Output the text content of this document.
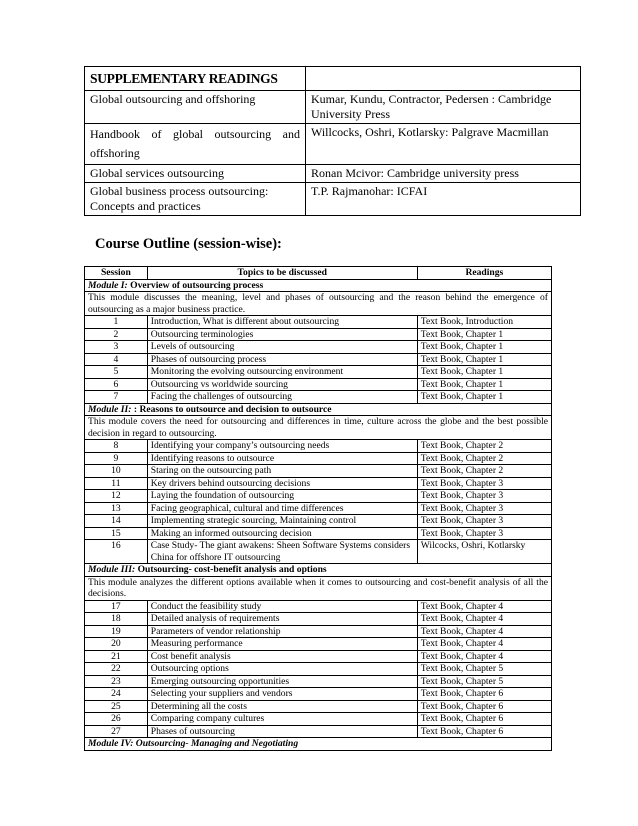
SUPPLEMENTARY READINGS	
Global outsourcing and offshoring	Kumar, Kundu, Contractor, Pedersen : Cambridge University Press

Handbook of global outsourcing and
offshoring	Willcocks, Oshri, Kotlarsky: Palgrave Macmillan
Global services outsourcing	Ronan Mcivor: Cambridge university press

Global business process outsourcing:
Concepts and practices	T.P. Rajmanohar: ICFAI
Course Outline (session-wise):
Session	Topics to be discussed	Readings
Module I: Overview of outsourcing process		
This module discusses the meaning, level and phases of outsourcing and the reason behind the emergence of outsourcing as a major business practice.		
1	Introduction, What is different about outsourcing	Text Book, Introduction
2	Outsourcing terminologies	Text Book, Chapter 1
3	Levels of outsourcing	Text Book, Chapter 1
4	Phases of outsourcing process	Text Book, Chapter 1
5	Monitoring the evolving outsourcing environment	Text Book, Chapter 1
6	Outsourcing vs worldwide sourcing	Text Book, Chapter 1
7	Facing the challenges of outsourcing	Text Book, Chapter 1
Module II: : Reasons to outsource and decision to outsource		
This module covers the need for outsourcing and differences in time, culture across the globe and the best possible decision in regard to outsourcing.		
8	Identifying your company’s outsourcing needs	Text Book, Chapter 2
9	Identifying reasons to outsource	Text Book, Chapter 2
10	Staring on the outsourcing path	Text Book, Chapter 2
11	Key drivers behind outsourcing decisions	Text Book, Chapter 3
12	Laying the foundation of outsourcing	Text Book, Chapter 3
13	Facing geographical, cultural and time differences	Text Book, Chapter 3
14	Implementing strategic sourcing, Maintaining control	Text Book, Chapter 3
15	Making an informed outsourcing decision	Text Book, Chapter 3
16	Case Study- The giant awakens: Sheen Software Systems considers China for offshore IT outsourcing	Wilcocks, Oshri, Kotlarsky
Module III: Outsourcing- cost-benefit analysis and options		
This module analyzes the different options available when it comes to outsourcing and cost-benefit analysis of all the decisions.		
17	Conduct the feasibility study	Text Book, Chapter 4
18	Detailed analysis of requirements	Text Book, Chapter 4
19	Parameters of vendor relationship	Text Book, Chapter 4
20	Measuring performance	Text Book, Chapter 4
21	Cost benefit analysis	Text Book, Chapter 4
22	Outsourcing options	Text Book, Chapter 5
23	Emerging outsourcing opportunities	Text Book, Chapter 5
24	Selecting your suppliers and vendors	Text Book, Chapter 6
25	Determining all the costs	Text Book, Chapter 6
26	Comparing company cultures	Text Book, Chapter 6
27	Phases of outsourcing	Text Book, Chapter 6
Module IV: Outsourcing- Managing and Negotiating		
